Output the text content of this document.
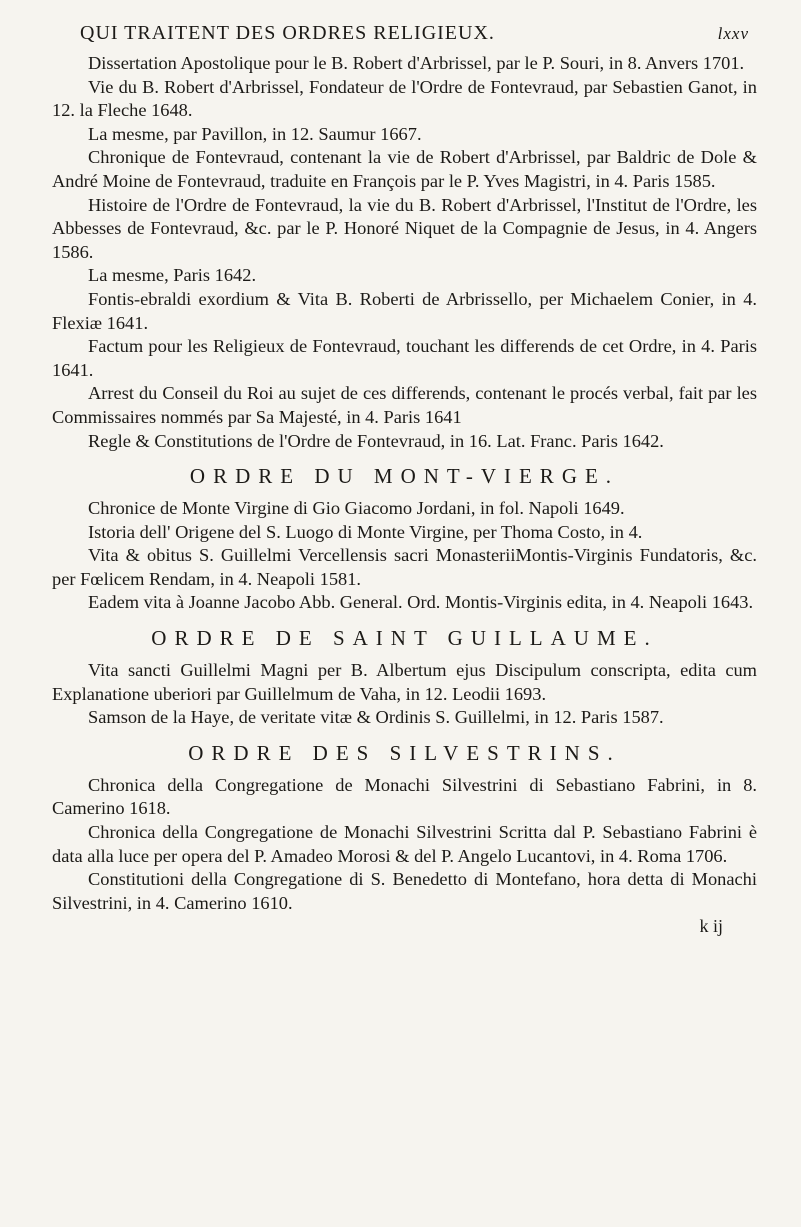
QUI TRAITENT DES ORDRES RELIGIEUX.	lxxv

Dissertation Apostolique pour le B. Robert d'Arbrissel, par le P. Souri, in 8. Anvers 1701.

Vie du B. Robert d'Arbrissel, Fondateur de l'Ordre de Fontevraud, par Sebastien Ganot, in 12. la Fleche 1648.

La mesme, par Pavillon, in 12. Saumur 1667.

Chronique de Fontevraud, contenant la vie de Robert d'Arbrissel, par Baldric de Dole & André Moine de Fontevraud, traduite en François par le P. Yves Magistri, in 4. Paris 1585.

Histoire de l'Ordre de Fontevraud, la vie du B. Robert d'Arbrissel, l'Institut de l'Ordre, les Abbesses de Fontevraud, &c. par le P. Honoré Niquet de la Compagnie de Jesus, in 4. Angers 1586.

La mesme, Paris 1642.

Fontis-ebraldi exordium & Vita B. Roberti de Arbrissello, per Michaelem Conier, in 4. Flexiæ 1641.

Factum pour les Religieux de Fontevraud, touchant les differends de cet Ordre, in 4. Paris 1641.

Arrest du Conseil du Roi au sujet de ces differends, contenant le procés verbal, fait par les Commissaires nommés par Sa Majesté, in 4. Paris 1641

Regle & Constitutions de l'Ordre de Fontevraud, in 16. Lat. Franc. Paris 1642.

ORDRE DU MONT-VIERGE.

Chronice de Monte Virgine di Gio Giacomo Jordani, in fol. Napoli 1649.

Istoria dell' Origene del S. Luogo di Monte Virgine, per Thoma Costo, in 4.

Vita & obitus S. Guillelmi Vercellensis sacri MonasteriiMontis-Virginis Fundatoris, &c. per Fœlicem Rendam, in 4. Neapoli 1581.

Eadem vita à Joanne Jacobo Abb. General. Ord. Montis-Virginis edita, in 4. Neapoli 1643.

ORDRE DE SAINT GUILLAUME.

Vita sancti Guillelmi Magni per B. Albertum ejus Discipulum conscripta, edita cum Explanatione uberiori par Guillelmum de Vaha, in 12. Leodii 1693.

Samson de la Haye, de veritate vitæ & Ordinis S. Guillelmi, in 12. Paris 1587.

ORDRE DES SILVESTRINS.

Chronica della Congregatione de Monachi Silvestrini di Sebastiano Fabrini, in 8. Camerino 1618.

Chronica della Congregatione de Monachi Silvestrini Scritta dal P. Sebastiano Fabrini è data alla luce per opera del P. Amadeo Morosi & del P. Angelo Lucantovi, in 4. Roma 1706.

Constitutioni della Congregatione di S. Benedetto di Montefano, hora detta di Monachi Silvestrini, in 4. Camerino 1610.

k ij
